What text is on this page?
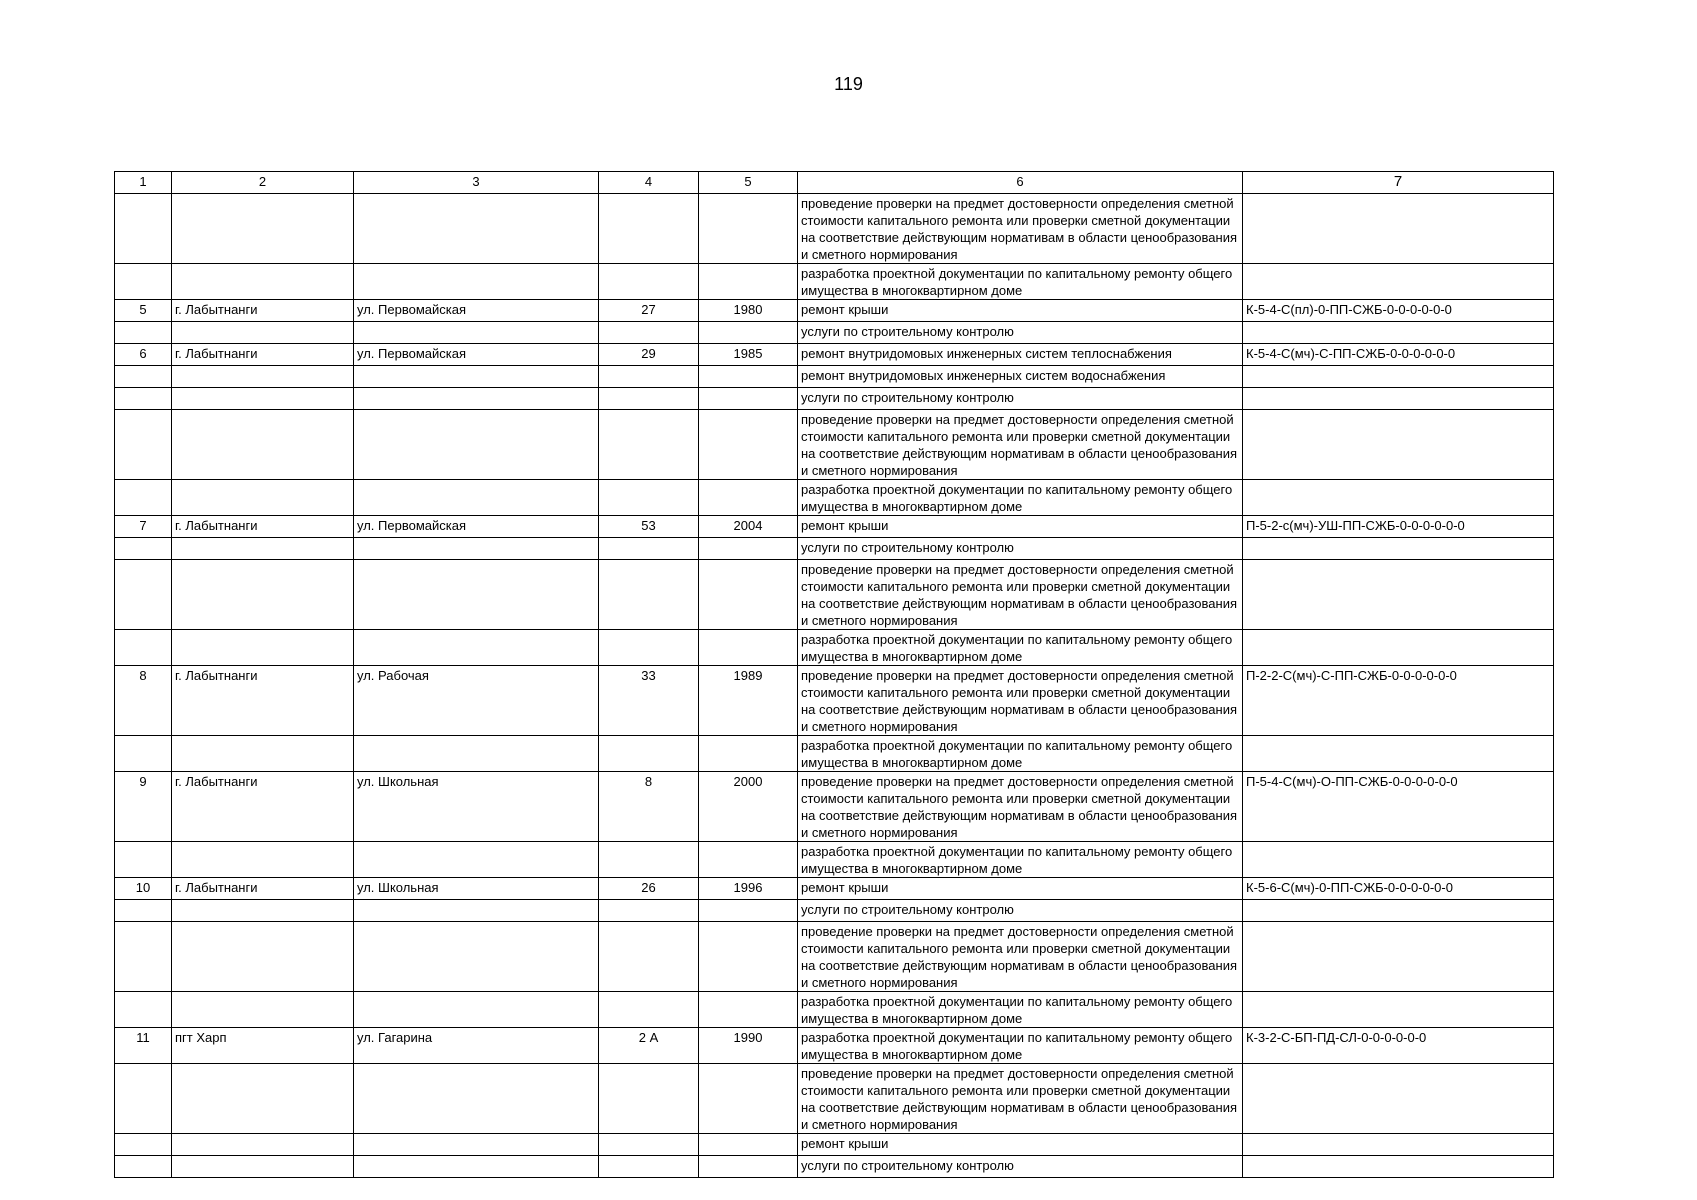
119
1	2	3	4	5	6	7
					проведение проверки на предмет достоверности определения сметной стоимости капитального ремонта или проверки сметной документации на соответствие действующим нормативам в области ценообразования и сметного нормирования	
					разработка проектной документации по капитальному ремонту общего имущества в многоквартирном доме	
5	г. Лабытнанги	ул. Первомайская	27	1980	ремонт крыши	К-5-4-С(пл)-0-ПП-СЖБ-0-0-0-0-0-0
					услуги по строительному контролю	
6	г. Лабытнанги	ул. Первомайская	29	1985	ремонт внутридомовых инженерных систем теплоснабжения	К-5-4-С(мч)-С-ПП-СЖБ-0-0-0-0-0-0
					ремонт внутридомовых инженерных систем водоснабжения	
					услуги по строительному контролю	
					проведение проверки на предмет достоверности определения сметной стоимости капитального ремонта или проверки сметной документации на соответствие действующим нормативам в области ценообразования и сметного нормирования	
					разработка проектной документации по капитальному ремонту общего имущества в многоквартирном доме	
7	г. Лабытнанги	ул. Первомайская	53	2004	ремонт крыши	П-5-2-с(мч)-УШ-ПП-СЖБ-0-0-0-0-0-0
					услуги по строительному контролю	
					проведение проверки на предмет достоверности определения сметной стоимости капитального ремонта или проверки сметной документации на соответствие действующим нормативам в области ценообразования и сметного нормирования	
					разработка проектной документации по капитальному ремонту общего имущества в многоквартирном доме	
8	г. Лабытнанги	ул. Рабочая	33	1989	проведение проверки на предмет достоверности определения сметной стоимости капитального ремонта или проверки сметной документации на соответствие действующим нормативам в области ценообразования и сметного нормирования	П-2-2-С(мч)-С-ПП-СЖБ-0-0-0-0-0-0
					разработка проектной документации по капитальному ремонту общего имущества в многоквартирном доме	
9	г. Лабытнанги	ул. Школьная	8	2000	проведение проверки на предмет достоверности определения сметной стоимости капитального ремонта или проверки сметной документации на соответствие действующим нормативам в области ценообразования и сметного нормирования	П-5-4-С(мч)-О-ПП-СЖБ-0-0-0-0-0-0
					разработка проектной документации по капитальному ремонту общего имущества в многоквартирном доме	
10	г. Лабытнанги	ул. Школьная	26	1996	ремонт крыши	К-5-6-С(мч)-0-ПП-СЖБ-0-0-0-0-0-0
					услуги по строительному контролю	
					проведение проверки на предмет достоверности определения сметной стоимости капитального ремонта или проверки сметной документации на соответствие действующим нормативам в области ценообразования и сметного нормирования	
					разработка проектной документации по капитальному ремонту общего имущества в многоквартирном доме	
11	пгт Харп	ул. Гагарина	2 А	1990	разработка проектной документации по капитальному ремонту общего имущества в многоквартирном доме	К-3-2-С-БП-ПД-СЛ-0-0-0-0-0-0
					проведение проверки на предмет достоверности определения сметной стоимости капитального ремонта или проверки сметной документации на соответствие действующим нормативам в области ценообразования и сметного нормирования	
					ремонт крыши	
					услуги по строительному контролю	
